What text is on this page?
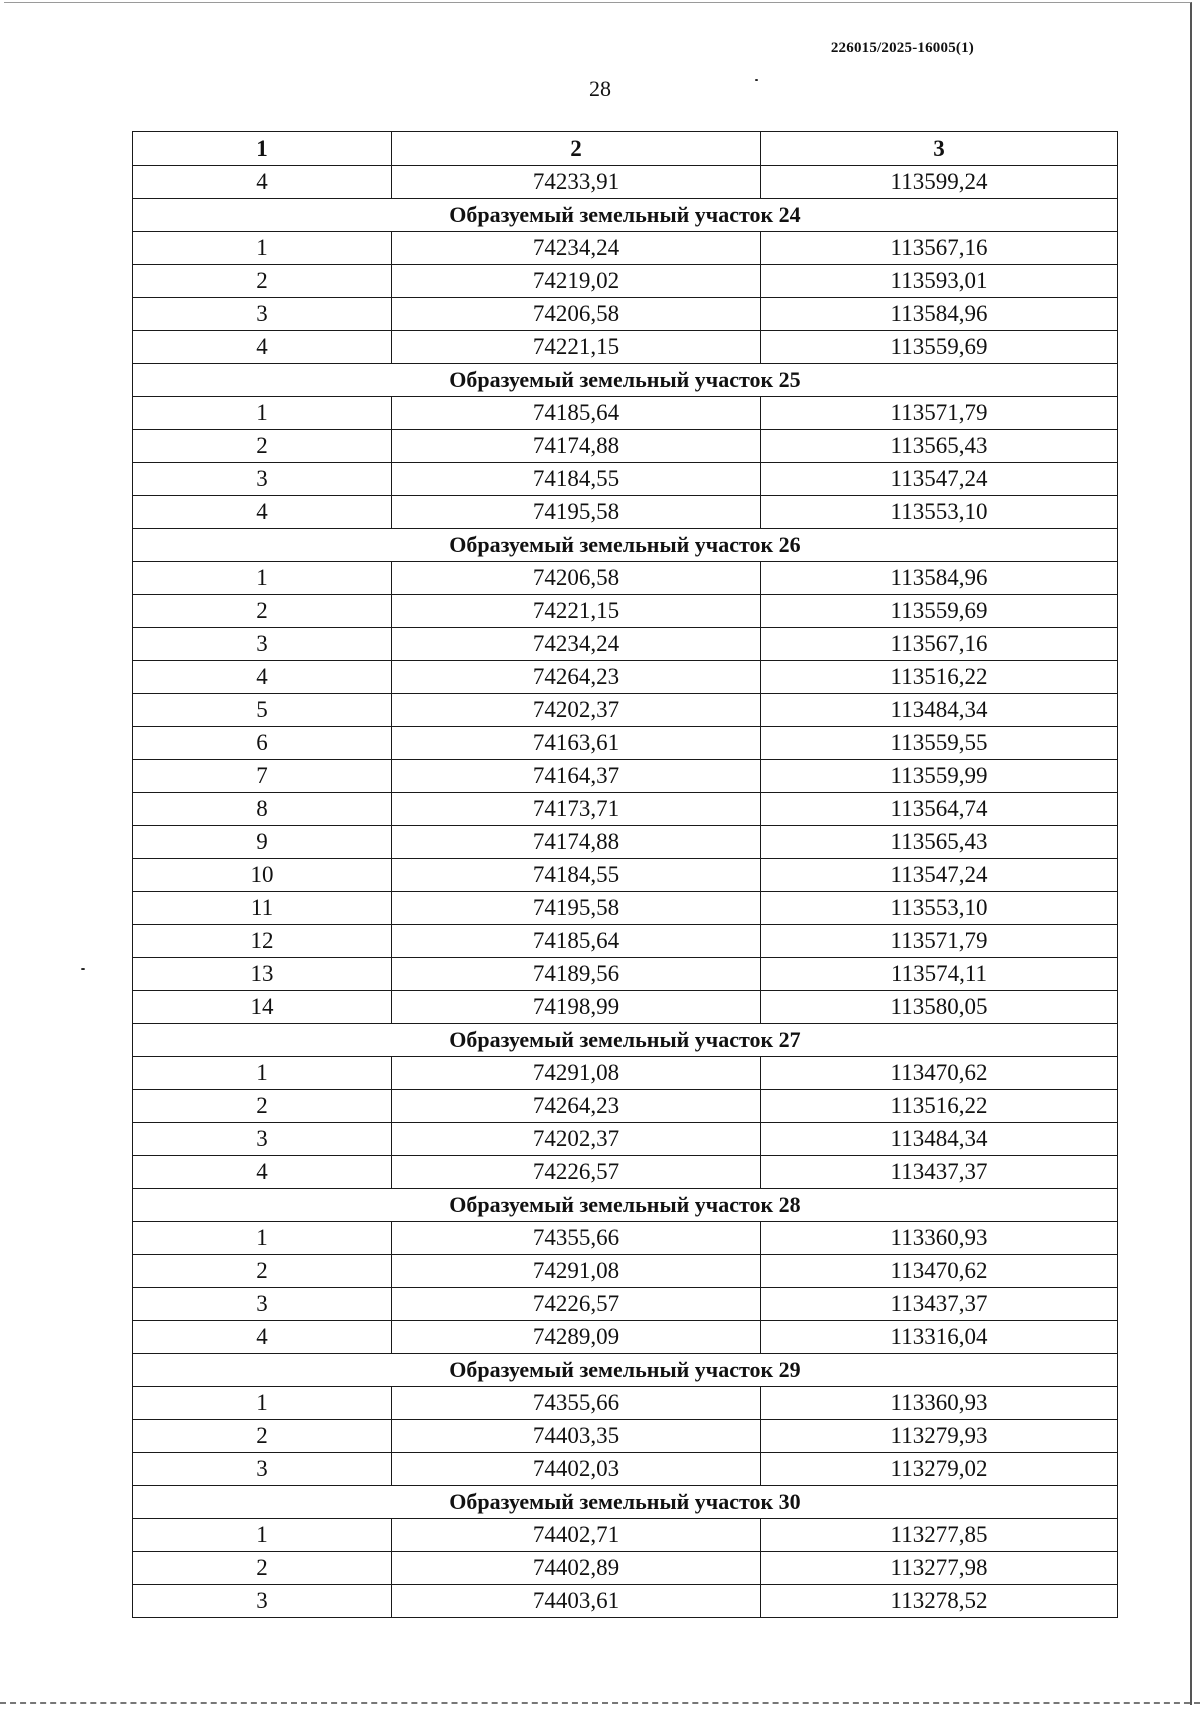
226015/2025-16005(1)
28
1	2	3
4	74233,91	113599,24
Образуемый земельный участок 24		
1	74234,24	113567,16
2	74219,02	113593,01
3	74206,58	113584,96
4	74221,15	113559,69
Образуемый земельный участок 25		
1	74185,64	113571,79
2	74174,88	113565,43
3	74184,55	113547,24
4	74195,58	113553,10
Образуемый земельный участок 26		
1	74206,58	113584,96
2	74221,15	113559,69
3	74234,24	113567,16
4	74264,23	113516,22
5	74202,37	113484,34
6	74163,61	113559,55
7	74164,37	113559,99
8	74173,71	113564,74
9	74174,88	113565,43
10	74184,55	113547,24
11	74195,58	113553,10
12	74185,64	113571,79
13	74189,56	113574,11
14	74198,99	113580,05
Образуемый земельный участок 27		
1	74291,08	113470,62
2	74264,23	113516,22
3	74202,37	113484,34
4	74226,57	113437,37
Образуемый земельный участок 28		
1	74355,66	113360,93
2	74291,08	113470,62
3	74226,57	113437,37
4	74289,09	113316,04
Образуемый земельный участок 29		
1	74355,66	113360,93
2	74403,35	113279,93
3	74402,03	113279,02
Образуемый земельный участок 30		
1	74402,71	113277,85
2	74402,89	113277,98
3	74403,61	113278,52
